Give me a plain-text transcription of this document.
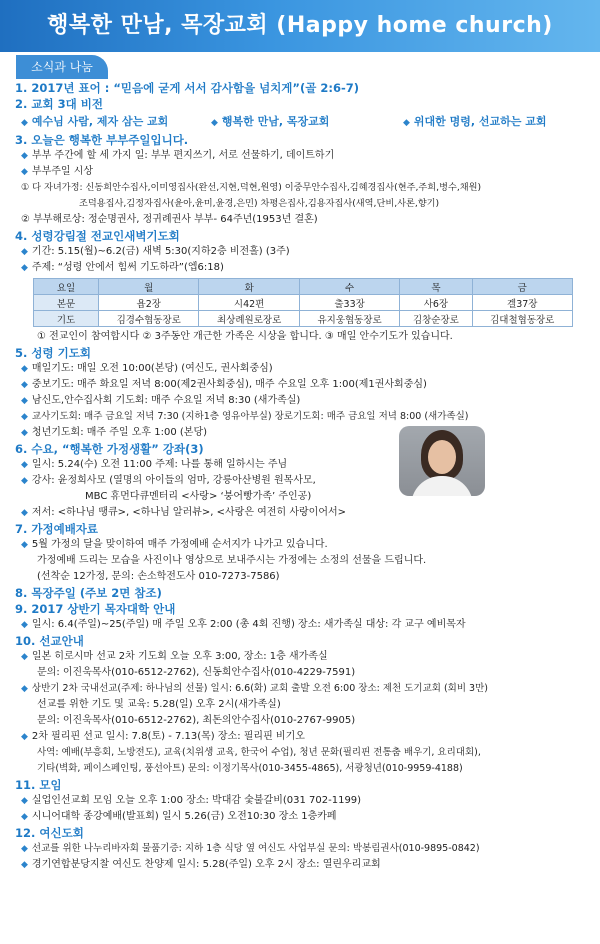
행복한 만남, 목장교회 (Happy home church)
소식과 나눔
1. 2017년 표어 : “믿음에 굳게 서서 감사함을 넘치게”(골 2:6-7)
2. 교회 3대 비전
◆ 예수님 사람, 제자 삼는 교회	◆ 행복한 만남, 목장교회	◆ 위대한 명령, 선교하는 교회
3. 오늘은 행복한 부부주일입니다.
◆ 부부 주간에 할 세 가지 일: 부부 편지쓰기, 서로 선물하기, 데이트하기
◆ 부부주일 시상
① 다 자녀가정: 신동희안수집사,이미영집사(완선,지현,덕현,원영) 이중무안수집사,김혜경집사(현주,주희,병수,채원)
조덕용집사,김정자집사(윤아,윤미,윤경,은민) 차평은집사,김용자집사(새역,단비,사론,향기)
② 부부해로상: 정순명권사, 정귀례권사 부부- 64주년(1953년 결혼)
4. 성령강림절 전교인새벽기도회
◆ 기간: 5.15(월)~6.2(금) 새벽 5:30(지하2층 비전홀) (3주)
◆ 주제: “성령 안에서 힘써 기도하라”(엡6:18)
요일	월	화	수	목	금
본문	욥2장	시42편	출33장	사6장	겔37장
기도	김경수협동장로	최상례원로장로	유지웅협동장로	김창순장로	김대철협동장로
① 전교인이 참여합시다 ② 3주동안 개근한 가족은 시상을 합니다. ③ 매일 안수기도가 있습니다.
5. 성령 기도회
◆ 매일기도: 매일 오전 10:00(본당) (여신도, 권사회중심)
◆ 중보기도: 매주 화요일 저녁 8:00(제2권사회중심), 매주 수요일 오후 1:00(제1권사회중심)
◆ 남신도,안수집사회 기도회: 매주 수요일 저녁 8:30 (새가족실)
◆ 교사기도회: 매주 금요일 저녁 7:30 (지하1층 영유아부실) 장로기도회: 매주 금요일 저녁 8:00 (새가족실)
◆ 청년기도회: 매주 주일 오후 1:00 (본당)
6. 수요, “행복한 가정생활” 강좌(3)
◆ 일시: 5.24(수) 오전 11:00 주제: 나를 통해 일하시는 주님
◆ 강사: 윤정희사모 (열명의 아이들의 엄마, 강릉아산병원 원목사모,
MBC 휴먼다큐멘터리 <사랑> ‘붕어빵가족’ 주인공)
◆ 저서: <하나님 땡큐>, <하나님 알러뷰>, <사랑은 여전히 사랑이어서>
7. 가정예배자료
◆ 5월 가정의 달을 맞이하여 매주 가정예배 순서지가 나가고 있습니다.
가정예배 드리는 모습을 사진이나 영상으로 보내주시는 가정에는 소정의 선물을 드립니다.
(선착순 12가정, 문의: 손소학전도사 010-7273-7586)
8. 목장주일 (주보 2면 참조)
9. 2017 상반기 목자대학 안내
◆ 일시: 6.4(주일)~25(주일) 매 주일 오후 2:00 (총 4회 진행) 장소: 새가족실 대상: 각 교구 예비목자
10. 선교안내
◆ 일본 히로시마 선교 2차 기도회 오늘 오후 3:00, 장소: 1층 새가족실
문의: 이진욱목사(010-6512-2762), 신동희안수집사(010-4229-7591)
◆ 상반기 2차 국내선교(주제: 하나님의 선물) 일시: 6.6(화) 교회 출발 오전 6:00 장소: 제천 도기교회 (회비 3만)
선교를 위한 기도 및 교육: 5.28(일) 오후 2시(새가족실)
문의: 이진욱목사(010-6512-2762), 최돈의안수집사(010-2767-9905)
◆ 2차 필리핀 선교 일시: 7.8(토) - 7.13(목) 장소: 필리핀 비기오
사역: 예배(부흥회, 노방전도), 교육(치위생 교육, 한국어 수업), 청년 문화(필리핀 전통춤 배우기, 요리대회),
기타(벽화, 페이스페인팅, 풍선아트) 문의: 이정기목사(010-3455-4865), 서광청년(010-9959-4188)
11. 모임
◆ 실업인선교회 모임 오늘 오후 1:00 장소: 박대감 숯불갈비(031 702-1199)
◆ 시니어대학 종강예배(발표회) 일시 5.26(금) 오전10:30 장소 1층카페
12. 여신도회
◆ 선교를 위한 나누리바자회 물품기증: 지하 1층 식당 옆 여신도 사업부실 문의: 박봉림권사(010-9895-0842)
◆ 경기연합분당지찰 여신도 찬양제 일시: 5.28(주일) 오후 2시 장소: 열린우리교회
